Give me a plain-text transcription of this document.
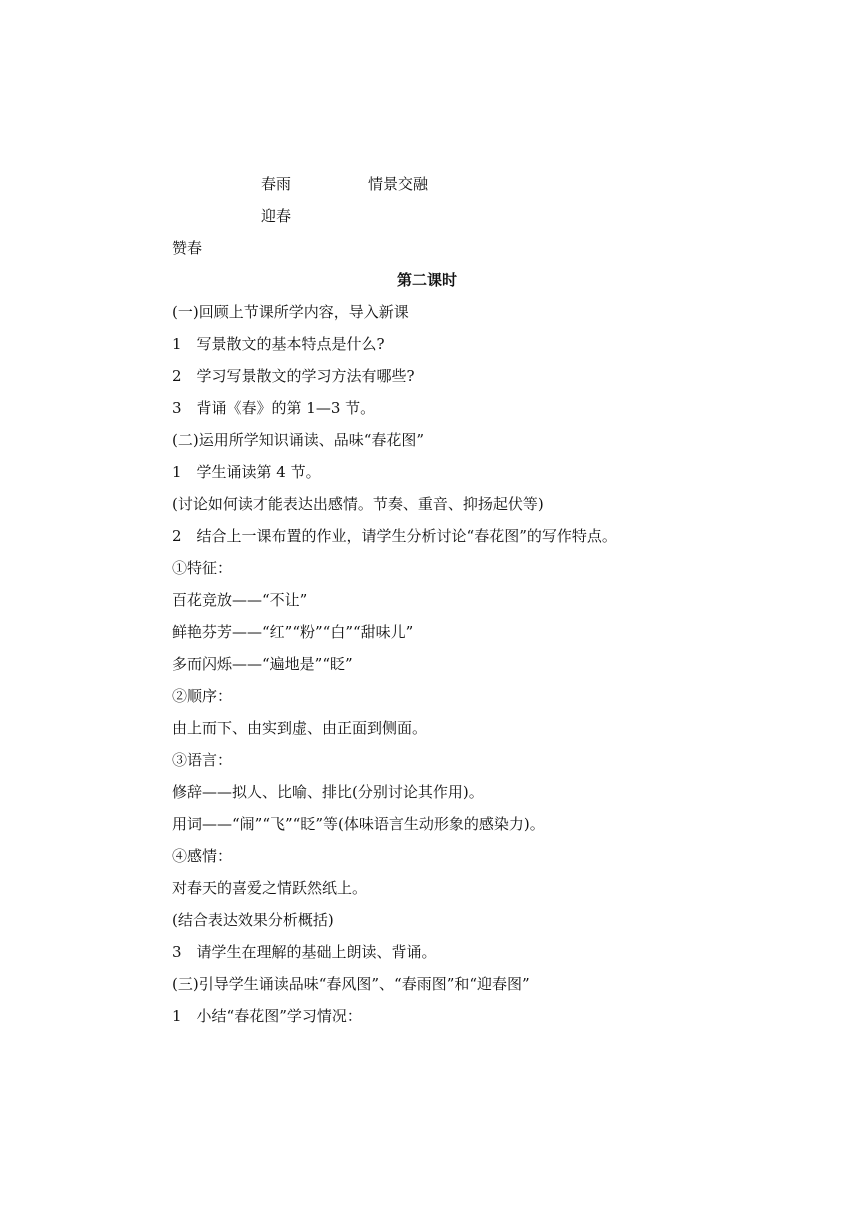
春雨	情景交融
迎春
赞春
第二课时
(一)回顾上节课所学内容，导入新课
1　写景散文的基本特点是什么?
2　学习写景散文的学习方法有哪些?
3　背诵《春》的第 1—3 节。
(二)运用所学知识诵读、品味“春花图”
1　学生诵读第 4 节。
(讨论如何读才能表达出感情。节奏、重音、抑扬起伏等)
2　结合上一课布置的作业，请学生分析讨论“春花图”的写作特点。
①特征：
百花竞放——“不让”
鲜艳芬芳——“红”“粉”“白”“甜味儿”
多而闪烁——“遍地是”“眨”
②顺序：
由上而下、由实到虚、由正面到侧面。
③语言：
修辞——拟人、比喻、排比(分别讨论其作用)。
用词——“闹”“飞”“眨”等(体味语言生动形象的感染力)。
④感情：
对春天的喜爱之情跃然纸上。
(结合表达效果分析概括)
3　请学生在理解的基础上朗读、背诵。
(三)引导学生诵读品味“春风图”、“春雨图”和“迎春图”
1　小结“春花图”学习情况：
